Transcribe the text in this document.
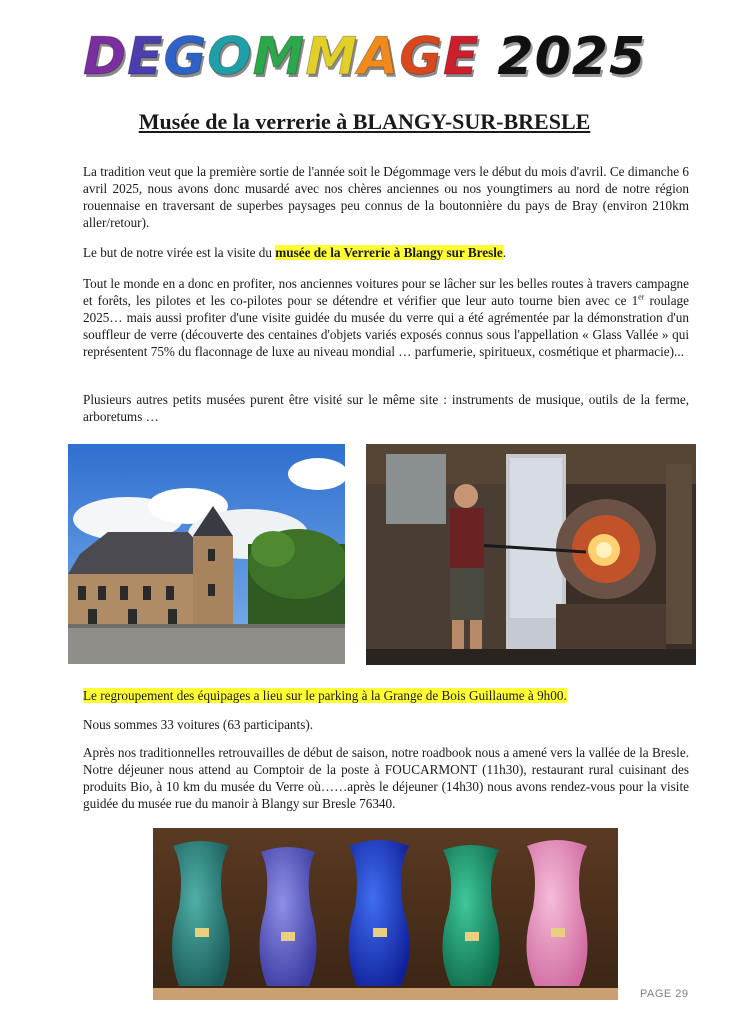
DEGOMMAGE 2025
Musée de la verrerie à BLANGY-SUR-BRESLE

La tradition veut que la première sortie de l'année soit le Dégommage vers le début du mois d'avril. Ce dimanche 6 avril 2025, nous avons donc musardé avec nos chères anciennes ou nos youngtimers au nord de notre région rouennaise en traversant de superbes paysages peu connus de la boutonnière du pays de Bray (environ 210km aller/retour).

Le but de notre virée est la visite du musée de la Verrerie à Blangy sur Bresle.

Tout le monde en a donc en profiter, nos anciennes voitures pour se lâcher sur les belles routes à travers campagne et forêts, les pilotes et les co-pilotes pour se détendre et vérifier que leur auto tourne bien avec ce 1er roulage 2025… mais aussi profiter d'une visite guidée du musée du verre qui a été agrémentée par la démonstration d'un souffleur de verre (découverte des centaines d'objets variés exposés connus sous l'appellation « Glass Vallée » qui représentent 75% du flaconnage de luxe au niveau mondial … parfumerie, spiritueux, cosmétique et pharmacie)...

Plusieurs autres petits musées purent être visité sur le même site : instruments de musique, outils de la ferme, arboretums …

Le regroupement des équipages a lieu sur le parking à la Grange de Bois Guillaume à 9h00.

Nous sommes 33 voitures (63 participants).

Après nos traditionnelles retrouvailles de début de saison, notre roadbook nous a amené vers la vallée de la Bresle. Notre déjeuner nous attend au Comptoir de la poste à FOUCARMONT (11h30), restaurant rural cuisinant des produits Bio, à 10 km du musée du Verre où……après le déjeuner (14h30) nous avons rendez-vous pour la visite guidée du musée rue du manoir à Blangy sur Bresle 76340.

PAGE 29
